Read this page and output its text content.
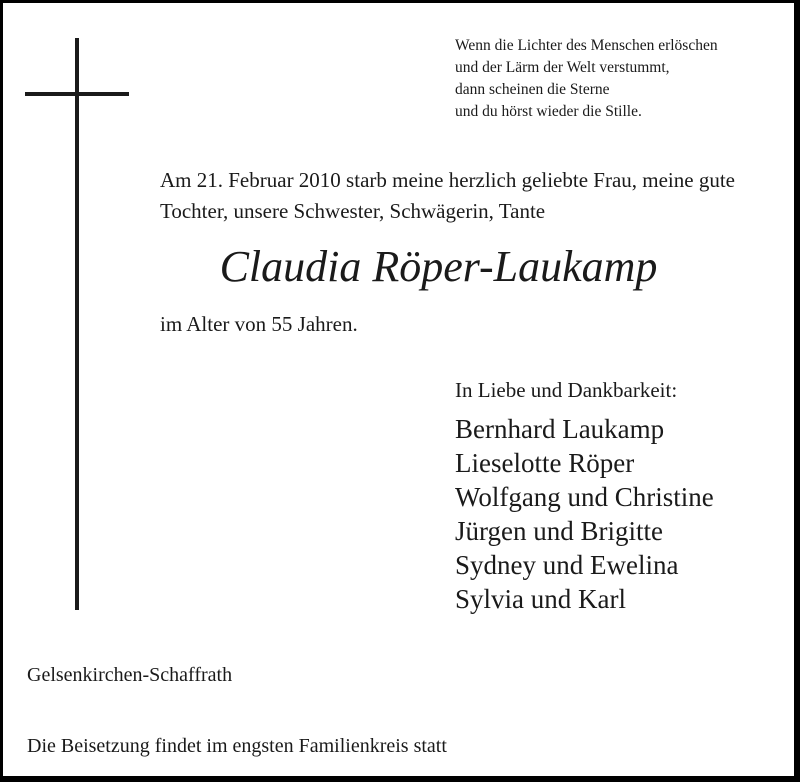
Wenn die Lichter des Menschen erlöschen
und der Lärm der Welt verstummt,
dann scheinen die Sterne
und du hörst wieder die Stille.
Am 21. Februar 2010 starb meine herzlich geliebte Frau, meine gute
Tochter, unsere Schwester, Schwägerin, Tante
Claudia Röper-Laukamp
im Alter von 55 Jahren.
In Liebe und Dankbarkeit:
Bernhard Laukamp
Lieselotte Röper
Wolfgang und Christine
Jürgen und Brigitte
Sydney und Ewelina
Sylvia und Karl
Gelsenkirchen-Schaffrath
Die Beisetzung findet im engsten Familienkreis statt
